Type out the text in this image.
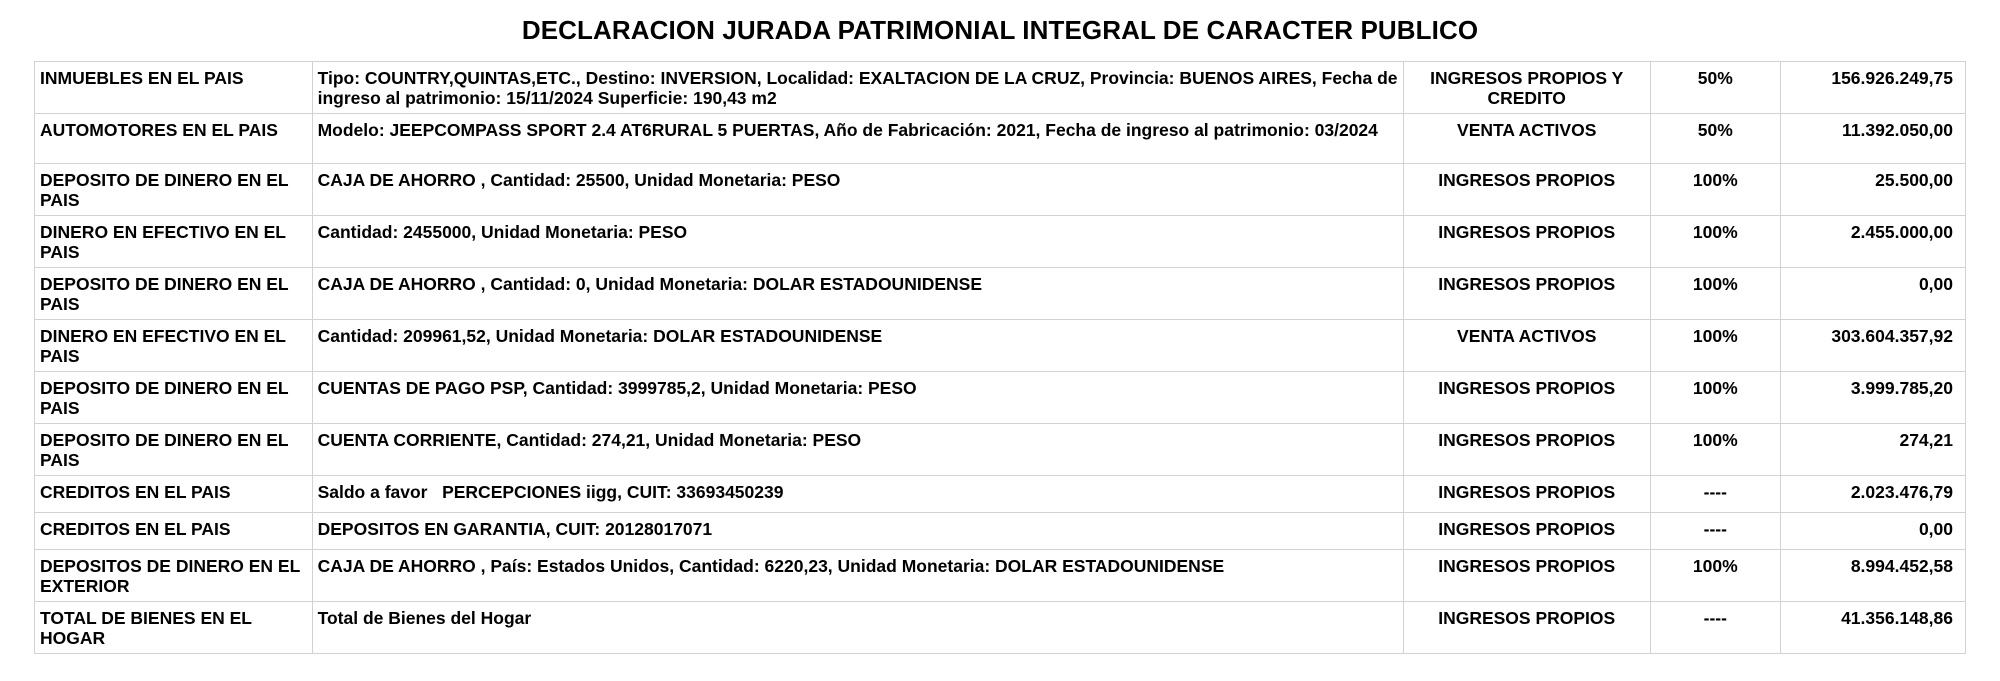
DECLARACION JURADA PATRIMONIAL INTEGRAL DE CARACTER PUBLICO
INMUEBLES EN EL PAIS	Tipo: COUNTRY,QUINTAS,ETC., Destino: INVERSION, Localidad: EXALTACION DE LA CRUZ, Provincia: BUENOS AIRES, Fecha de ingreso al patrimonio: 15/11/2024 Superficie: 190,43 m2	INGRESOS PROPIOS Y CREDITO	50%	156.926.249,75
AUTOMOTORES EN EL PAIS	Modelo: JEEPCOMPASS SPORT 2.4 AT6RURAL 5 PUERTAS, Año de Fabricación: 2021, Fecha de ingreso al patrimonio: 03/2024	VENTA ACTIVOS	50%	11.392.050,00
DEPOSITO DE DINERO EN EL PAIS	CAJA DE AHORRO , Cantidad: 25500, Unidad Monetaria: PESO	INGRESOS PROPIOS	100%	25.500,00
DINERO EN EFECTIVO EN EL PAIS	Cantidad: 2455000, Unidad Monetaria: PESO	INGRESOS PROPIOS	100%	2.455.000,00
DEPOSITO DE DINERO EN EL PAIS	CAJA DE AHORRO , Cantidad: 0, Unidad Monetaria: DOLAR ESTADOUNIDENSE	INGRESOS PROPIOS	100%	0,00
DINERO EN EFECTIVO EN EL PAIS	Cantidad: 209961,52, Unidad Monetaria: DOLAR ESTADOUNIDENSE	VENTA ACTIVOS	100%	303.604.357,92
DEPOSITO DE DINERO EN EL PAIS	CUENTAS DE PAGO PSP, Cantidad: 3999785,2, Unidad Monetaria: PESO	INGRESOS PROPIOS	100%	3.999.785,20
DEPOSITO DE DINERO EN EL PAIS	CUENTA CORRIENTE, Cantidad: 274,21, Unidad Monetaria: PESO	INGRESOS PROPIOS	100%	274,21
CREDITOS EN EL PAIS	Saldo a favor   PERCEPCIONES iigg, CUIT: 33693450239	INGRESOS PROPIOS	----	2.023.476,79
CREDITOS EN EL PAIS	DEPOSITOS EN GARANTIA, CUIT: 20128017071	INGRESOS PROPIOS	----	0,00
DEPOSITOS DE DINERO EN EL EXTERIOR	CAJA DE AHORRO , País: Estados Unidos, Cantidad: 6220,23, Unidad Monetaria: DOLAR ESTADOUNIDENSE	INGRESOS PROPIOS	100%	8.994.452,58
TOTAL DE BIENES EN EL HOGAR	Total de Bienes del Hogar	INGRESOS PROPIOS	----	41.356.148,86
